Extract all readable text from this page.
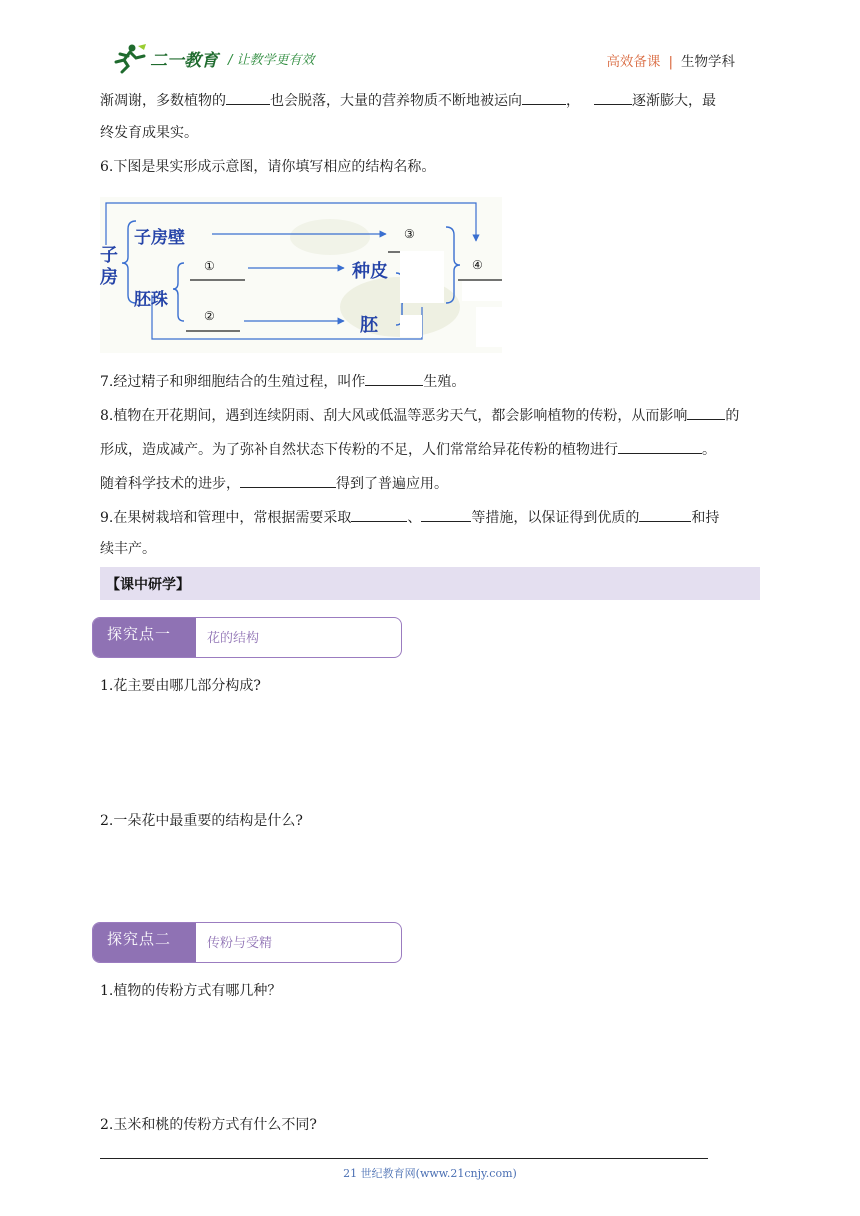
二一教育 / 让教学更有效	高效备课 | 生物学科
渐凋谢，多数植物的	也会脱落，大量的营养物质不断地被运向	，	逐渐膨大，最
终发育成果实。
6.下图是果实形成示意图，请你填写相应的结构名称。
子房
子房壁
胚珠
种皮
胚
①
②
③
④
7.经过精子和卵细胞结合的生殖过程，叫作	生殖。
8.植物在开花期间，遇到连续阴雨、刮大风或低温等恶劣天气，都会影响植物的传粉，从而影响	的
形成，造成减产。为了弥补自然状态下传粉的不足，人们常常给异花传粉的植物进行	。
随着科学技术的进步，	得到了普遍应用。
9.在果树栽培和管理中，常根据需要采取	、	等措施，以保证得到优质的	和持
续丰产。
【课中研学】
探究点一	花的结构
1.花主要由哪几部分构成?
2.一朵花中最重要的结构是什么?
探究点二	传粉与受精
1.植物的传粉方式有哪几种？
2.玉米和桃的传粉方式有什么不同?
21 世纪教育网(www.21cnjy.com)
